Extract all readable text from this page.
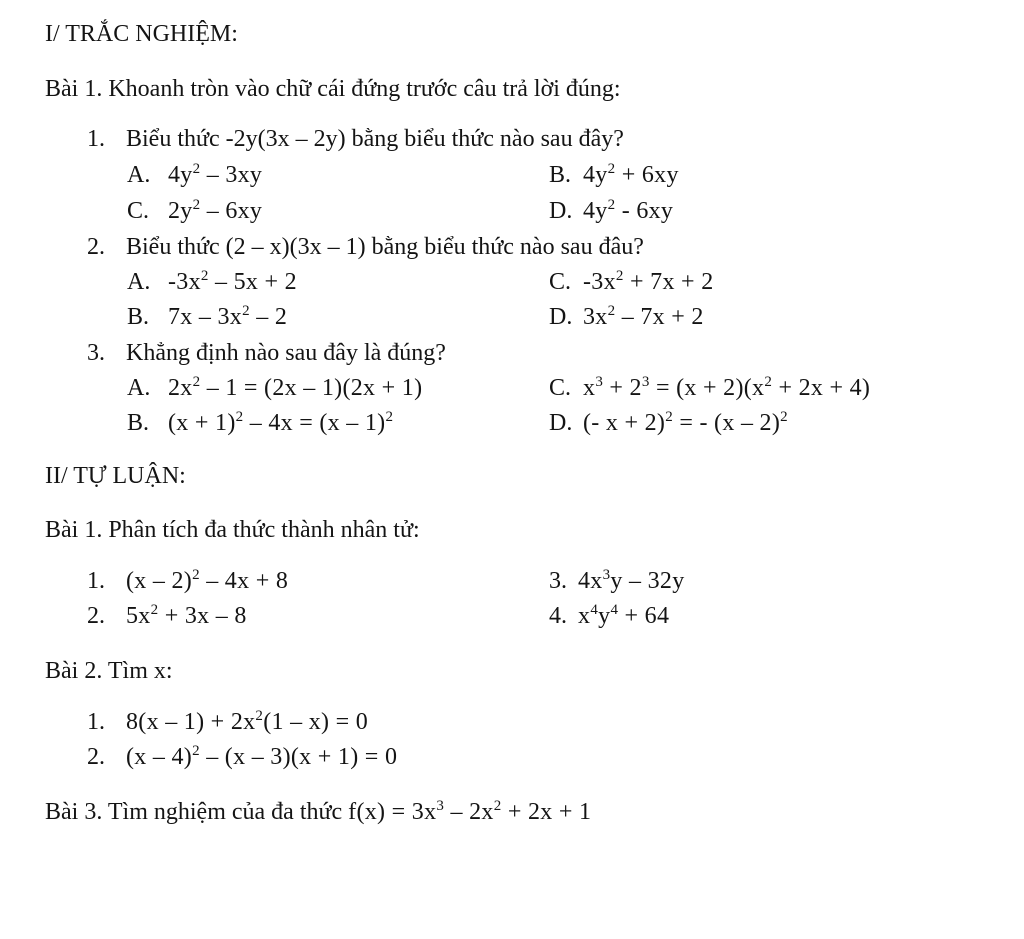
I/ TRẮC NGHIỆM:
Bài 1. Khoanh tròn vào chữ cái đứng trước câu trả lời đúng:
1. Biểu thức -2y(3x – 2y) bằng biểu thức nào sau đây?
A. $4y^2 - 3xy$	B. $4y^2 + 6xy$
C. $2y^2 - 6xy$	D. $4y^2 - 6xy$
2. Biểu thức (2 – x)(3x – 1) bằng biểu thức nào sau đâu?
A. $-3x^2 - 5x + 2$	C. $-3x^2 + 7x + 2$
B. $7x - 3x^2 - 2$	D. $3x^2 - 7x + 2$
3. Khẳng định nào sau đây là đúng?
A. $2x^2 - 1 = (2x - 1)(2x + 1)$	C. $x^3 + 2^3 = (x + 2)(x^2 + 2x + 4)$
B. $(x + 1)^2 - 4x = (x - 1)^2$	D. (- x + 2)$^2$ = - (x – 2)$^2$
II/ TỰ LUẬN:
Bài 1. Phân tích đa thức thành nhân tử:
1. (x – 2)$^2$ – 4x + 8	3. $4x^3y - 32y$
2. $5x^2 + 3x - 8$	4. $x^4y^4 + 64$
Bài 2. Tìm x:
1. $8(x - 1) + 2x^2(1 - x) = 0$
2. (x – 4)$^2$ – (x – 3)(x + 1) = 0
Bài 3. Tìm nghiệm của đa thức $f(x) = 3x^3 - 2x^2 + 2x + 1$
